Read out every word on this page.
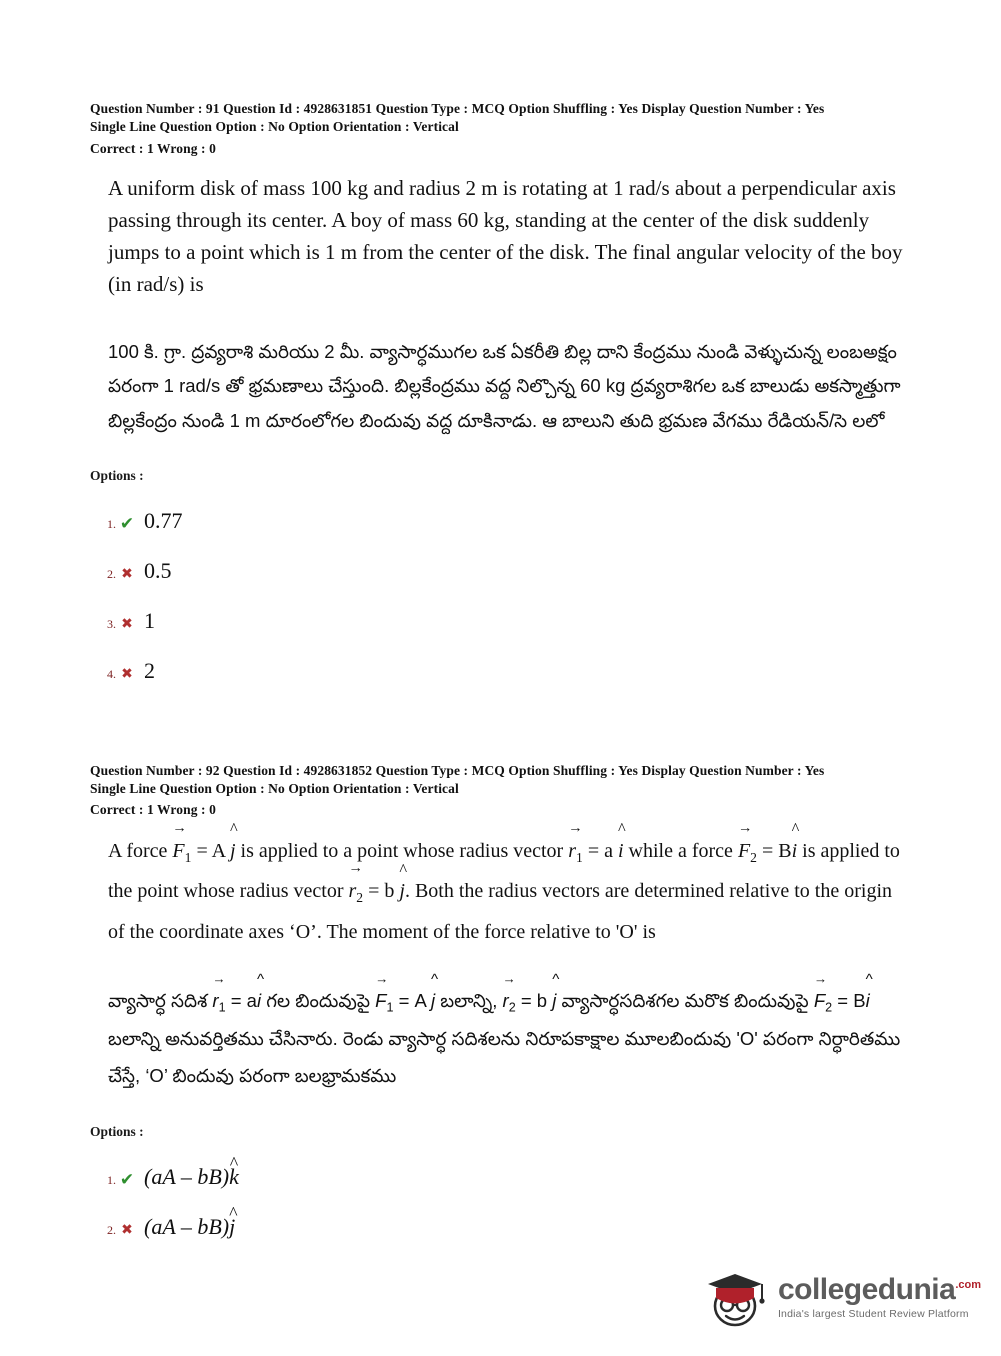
Question Number : 91 Question Id : 4928631851 Question Type : MCQ Option Shuffling : Yes Display Question Number : Yes
Single Line Question Option : No Option Orientation : Vertical
Correct : 1 Wrong : 0
A uniform disk of mass 100 kg and radius 2 m is rotating at 1 rad/s about a perpendicular axis passing through its center. A boy of mass 60 kg, standing at the center of the disk suddenly jumps to a point which is 1 m from the center of the disk. The final angular velocity of the boy (in rad/s) is
100 కి. గ్రా. ద్రవ్యరాశి మరియు 2 మీ. వ్యాసార్ధముగల ఒక ఏకరీతి బిల్ల దాని కేంద్రము నుండి వెళ్ళుచున్న లంబఅక్షం పరంగా 1 rad/s తో భ్రమణాలు చేస్తుంది. బిల్లకేంద్రము వద్ద నిల్చొన్న 60 kg ద్రవ్యరాశిగల ఒక బాలుడు అకస్మాత్తుగా బిల్లకేంద్రం నుండి 1 m దూరంలోగల బిందువు వద్ద దూకినాడు. ఆ బాలుని తుది భ్రమణ వేగము రేడియన్/సె లలో
Options :
1. ✔ 0.77
2. ✖ 0.5
3. ✖ 1
4. ✖ 2
Question Number : 92 Question Id : 4928631852 Question Type : MCQ Option Shuffling : Yes Display Question Number : Yes
Single Line Question Option : No Option Orientation : Vertical
Correct : 1 Wrong : 0
A force → $F_1 = A$ ^ j is applied to a point whose radius vector → $r_1 = a$ ^ i while a force → $F_2$ = B^ i is applied to the point whose radius vector → $r_2 = b$ ^ j. Both the radius vectors are determined relative to the origin of the coordinate axes ‘O’. The moment of the force relative to 'O' is
వ్యాసార్ధ సదిశ → $r_1$ = a^ i గల బిందువుపై → $F_1 = A$ ^ j బలాన్ని, → $r_2 = b$ ^ j వ్యాసార్ధసదిశగల మరొక బిందువుపై → $F_2$ = B^ i బలాన్ని అనువర్తితము చేసినారు. రెండు వ్యాసార్ధ సదిశలను నిరూపకాక్షాల మూలబిందువు 'O' పరంగా నిర్ధారితము చేస్తే, ‘O’ బిందువు పరంగా బలభ్రామకము
Options :
1. ✔ (aA – bB)^ k
2. ✖ (aA – bB)^ j
collegedunia$^{.com}$
India's largest Student Review Platform
